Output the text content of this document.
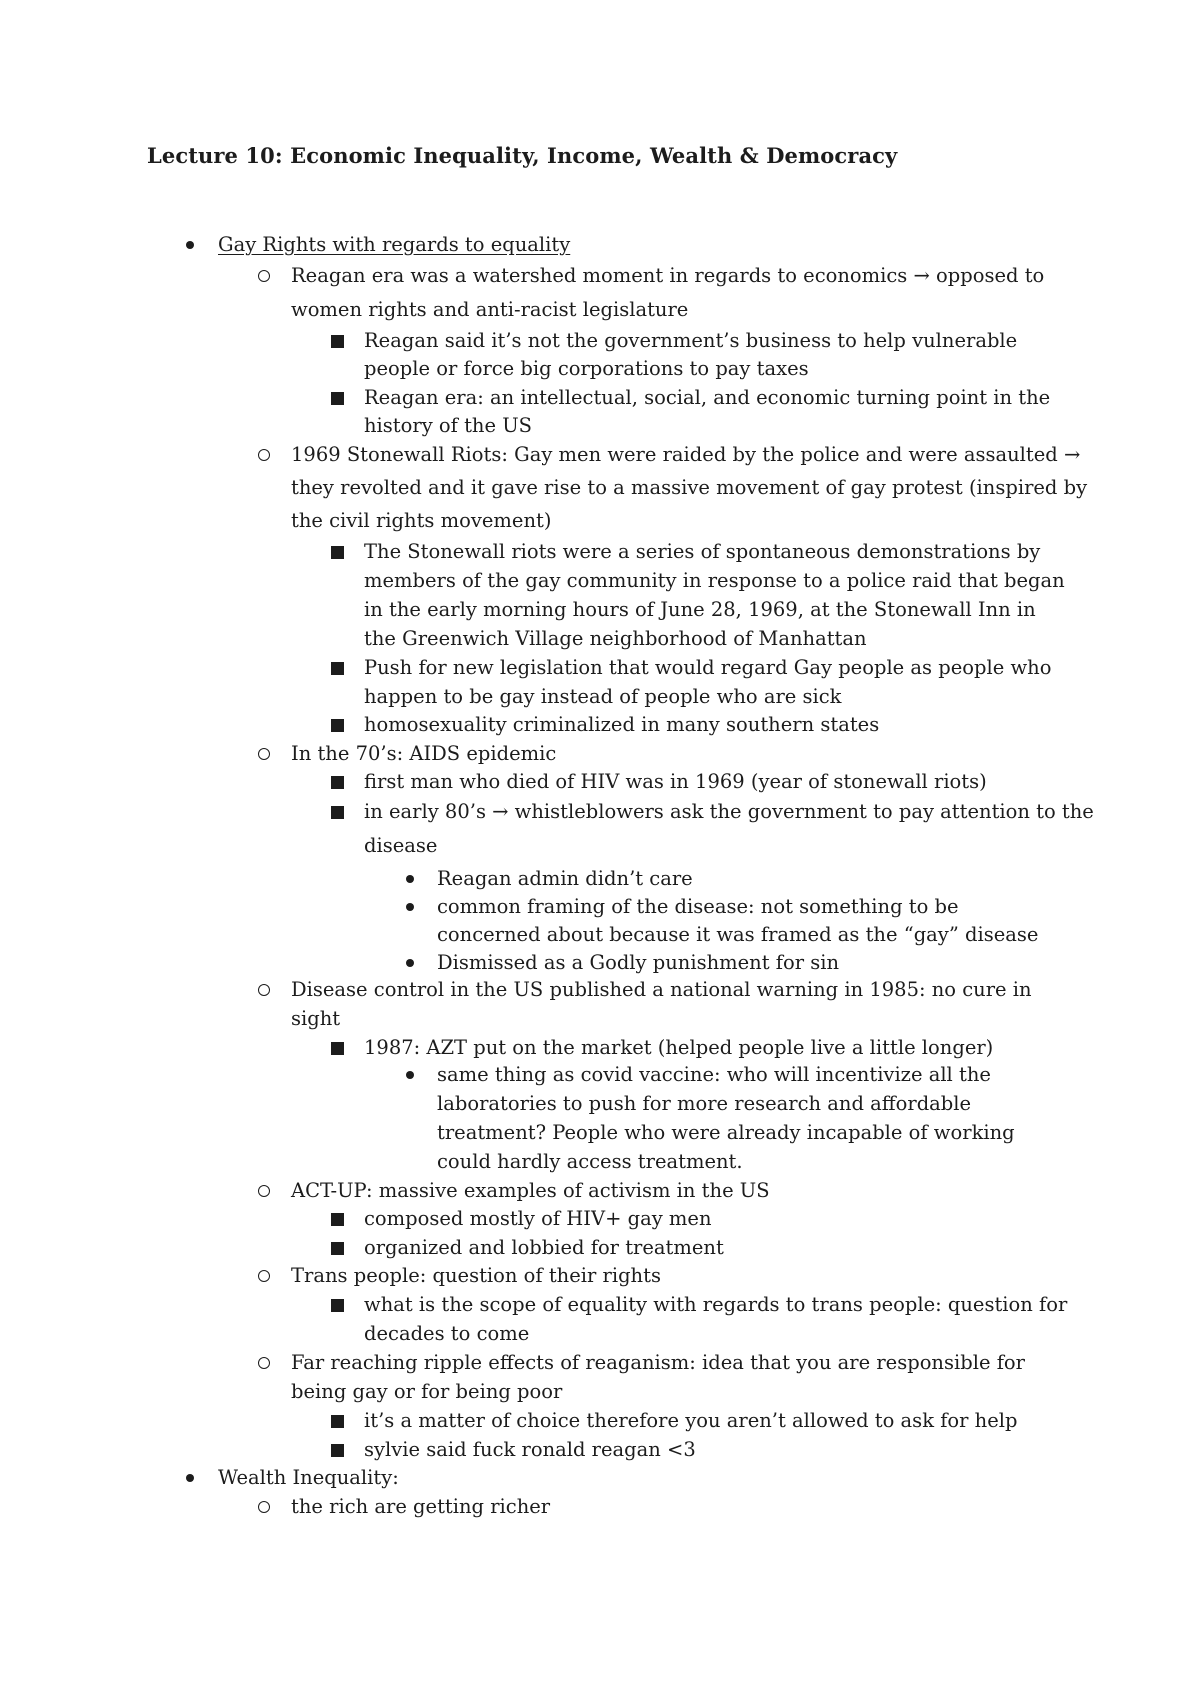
Lecture 10: Economic Inequality, Income, Wealth & Democracy

Gay Rights with regards to equality

Reagan era was a watershed moment in regards to economics → opposed to

women rights and anti-racist legislature

Reagan said it’s not the government’s business to help vulnerable

people or force big corporations to pay taxes

Reagan era: an intellectual, social, and economic turning point in the

history of the US

1969 Stonewall Riots: Gay men were raided by the police and were assaulted →

they revolted and it gave rise to a massive movement of gay protest (inspired by

the civil rights movement)

The Stonewall riots were a series of spontaneous demonstrations by

members of the gay community in response to a police raid that began

in the early morning hours of June 28, 1969, at the Stonewall Inn in

the Greenwich Village neighborhood of Manhattan

Push for new legislation that would regard Gay people as people who

happen to be gay instead of people who are sick

homosexuality criminalized in many southern states

In the 70’s: AIDS epidemic

first man who died of HIV was in 1969 (year of stonewall riots)

in early 80’s → whistleblowers ask the government to pay attention to the

disease

Reagan admin didn’t care

common framing of the disease: not something to be

concerned about because it was framed as the “gay” disease

Dismissed as a Godly punishment for sin

Disease control in the US published a national warning in 1985: no cure in

sight

1987: AZT put on the market (helped people live a little longer)

same thing as covid vaccine: who will incentivize all the

laboratories to push for more research and affordable

treatment? People who were already incapable of working

could hardly access treatment.

ACT-UP: massive examples of activism in the US

composed mostly of HIV+ gay men

organized and lobbied for treatment

Trans people: question of their rights

what is the scope of equality with regards to trans people: question for

decades to come

Far reaching ripple effects of reaganism: idea that you are responsible for

being gay or for being poor

it’s a matter of choice therefore you aren’t allowed to ask for help

sylvie said fuck ronald reagan <3

Wealth Inequality:

the rich are getting richer
